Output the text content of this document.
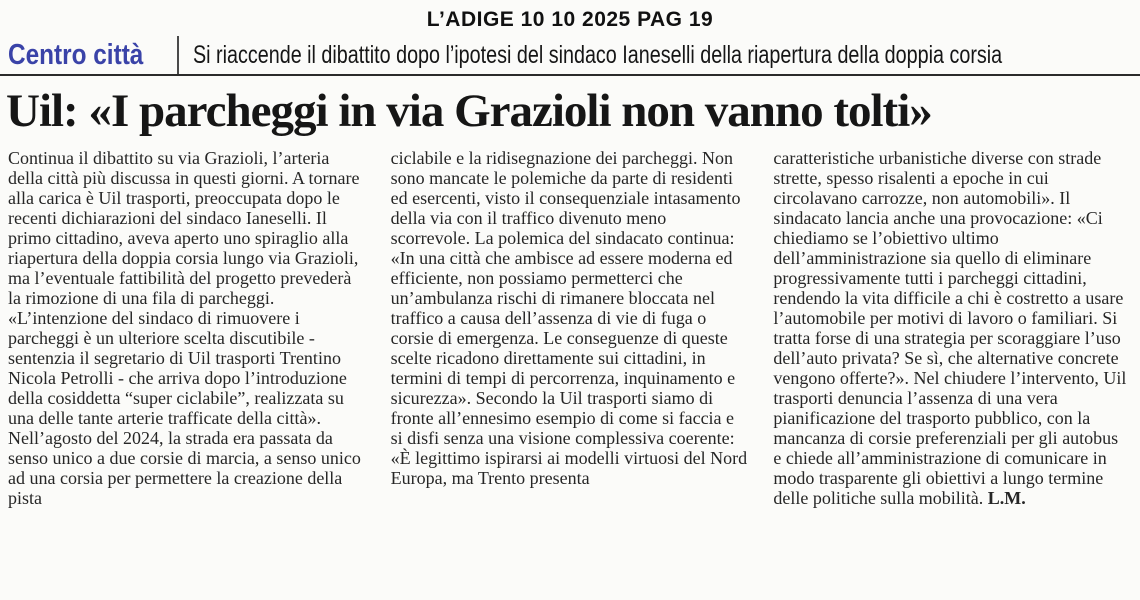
L’ADIGE 10 10 2025 PAG 19
Centro città Si riaccende il dibattito dopo l’ipotesi del sindaco Ianeselli della riapertura della doppia corsia
Uil: «I parcheggi in via Grazioli non vanno tolti»
Continua il dibattito su via Grazioli, l’arteria della città più discussa in questi giorni. A tornare alla carica è Uil trasporti, preoccupata dopo le recenti dichiarazioni del sindaco Ianeselli. Il primo cittadino, aveva aperto uno spiraglio alla riapertura della doppia corsia lungo via Grazioli, ma l’eventuale fattibilità del progetto prevederà la rimozione di una fila di parcheggi. «L’intenzione del sindaco di rimuovere i parcheggi è un ulteriore scelta discutibile - sentenzia il segretario di Uil trasporti Trentino Nicola Petrolli - che arriva dopo l’introduzione della cosiddetta “super ciclabile”, realizzata su una delle tante arterie trafficate della città». Nell’agosto del 2024, la strada era passata da senso unico a due corsie di marcia, a senso unico ad una corsia per permettere la creazione della pista
ciclabile e la ridisegnazione dei parcheggi. Non sono mancate le polemiche da parte di residenti ed esercenti, visto il consequenziale intasamento della via con il traffico divenuto meno scorrevole. La polemica del sindacato continua: «In una città che ambisce ad essere moderna ed efficiente, non possiamo permetterci che un’ambulanza rischi di rimanere bloccata nel traffico a causa dell’assenza di vie di fuga o corsie di emergenza. Le conseguenze di queste scelte ricadono direttamente sui cittadini, in termini di tempi di percorrenza, inquinamento e sicurezza». Secondo la Uil trasporti siamo di fronte all’ennesimo esempio di come si faccia e si disfi senza una visione complessiva coerente: «È legittimo ispirarsi ai modelli virtuosi del Nord Europa, ma Trento presenta
caratteristiche urbanistiche diverse con strade strette, spesso risalenti a epoche in cui circolavano carrozze, non automobili». Il sindacato lancia anche una provocazione: «Ci chiediamo se l’obiettivo ultimo dell’amministrazione sia quello di eliminare progressivamente tutti i parcheggi cittadini, rendendo la vita difficile a chi è costretto a usare l’automobile per motivi di lavoro o familiari. Si tratta forse di una strategia per scoraggiare l’uso dell’auto privata? Se sì, che alternative concrete vengono offerte?». Nel chiudere l’intervento, Uil trasporti denuncia l’assenza di una vera pianificazione del trasporto pubblico, con la mancanza di corsie preferenziali per gli autobus e chiede all’amministrazione di comunicare in modo trasparente gli obiettivi a lungo termine delle politiche sulla mobilità. L.M.
